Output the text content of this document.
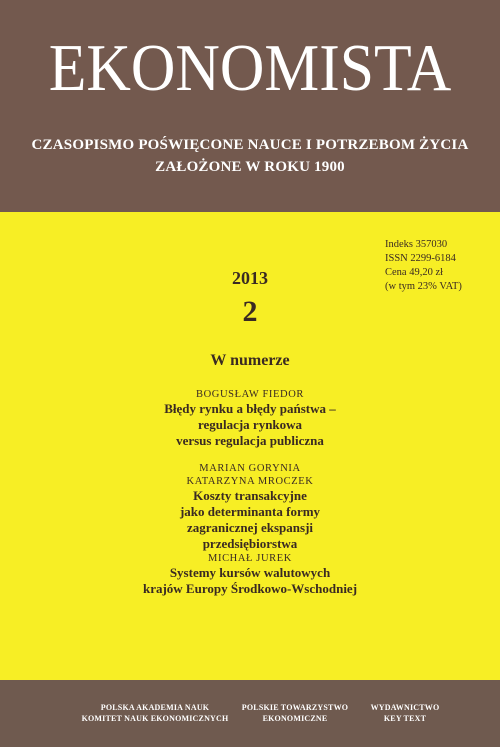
EKONOMISTA
CZASOPISMO POŚWIĘCONE NAUCE I POTRZEBOM ŻYCIA
ZAŁOŻONE W ROKU 1900
Indeks 357030
ISSN 2299-6184
Cena 49,20 zł
(w tym 23% VAT)
2013
2
W numerze
BOGUSŁAW FIEDOR
Błędy rynku a błędy państwa –
regulacja rynkowa
versus regulacja publiczna
MARIAN GORYNIA
KATARZYNA MROCZEK
Koszty transakcyjne
jako determinanta formy
zagranicznej ekspansji
przedsiębiorstwa
MICHAŁ JUREK
Systemy kursów walutowych
krajów Europy Środkowo-Wschodniej
POLSKA AKADEMIA NAUK
KOMITET NAUK EKONOMICZNYCH
POLSKIE TOWARZYSTWO
EKONOMICZNE
WYDAWNICTWO
KEY TEXT
